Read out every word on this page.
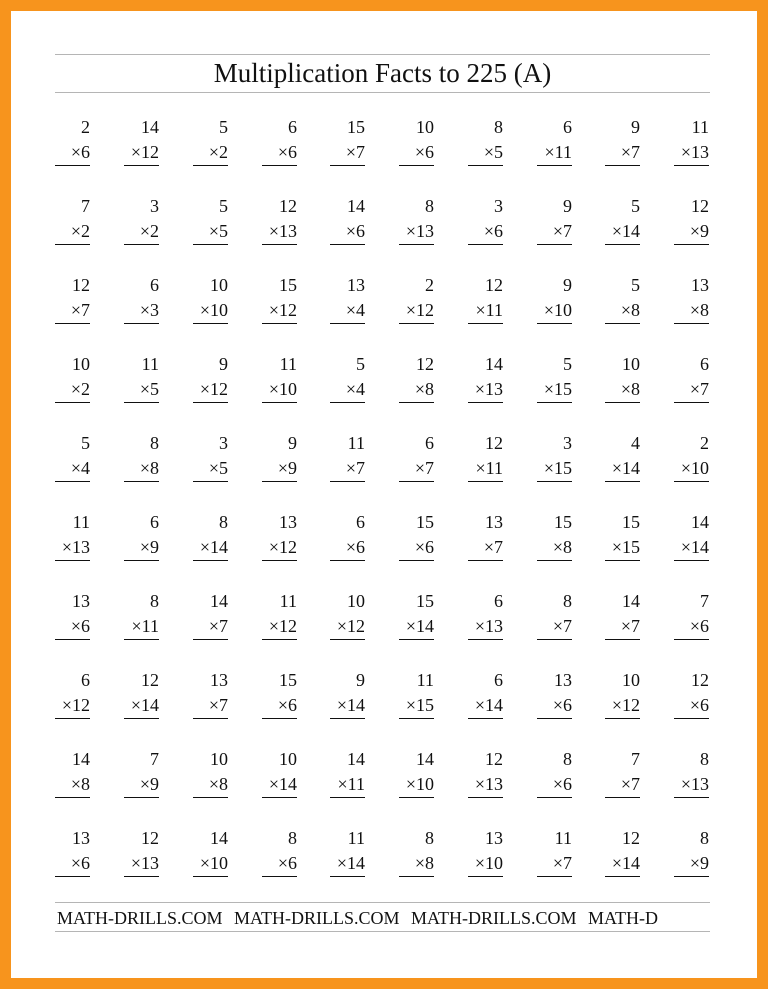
Multiplication Facts to 225 (A)
2
×6
14
×12
5
×2
6
×6
15
×7
10
×6
8
×5
6
×11
9
×7
11
×13
7
×2
3
×2
5
×5
12
×13
14
×6
8
×13
3
×6
9
×7
5
×14
12
×9
12
×7
6
×3
10
×10
15
×12
13
×4
2
×12
12
×11
9
×10
5
×8
13
×8
10
×2
11
×5
9
×12
11
×10
5
×4
12
×8
14
×13
5
×15
10
×8
6
×7
5
×4
8
×8
3
×5
9
×9
11
×7
6
×7
12
×11
3
×15
4
×14
2
×10
11
×13
6
×9
8
×14
13
×12
6
×6
15
×6
13
×7
15
×8
15
×15
14
×14
13
×6
8
×11
14
×7
11
×12
10
×12
15
×14
6
×13
8
×7
14
×7
7
×6
6
×12
12
×14
13
×7
15
×6
9
×14
11
×15
6
×14
13
×6
10
×12
12
×6
14
×8
7
×9
10
×8
10
×14
14
×11
14
×10
12
×13
8
×6
7
×7
8
×13
13
×6
12
×13
14
×10
8
×6
11
×14
8
×8
13
×10
11
×7
12
×14
8
×9
MATH-DRILLS.COM MATH-DRILLS.COM MATH-DRILLS.COM MATH-D
